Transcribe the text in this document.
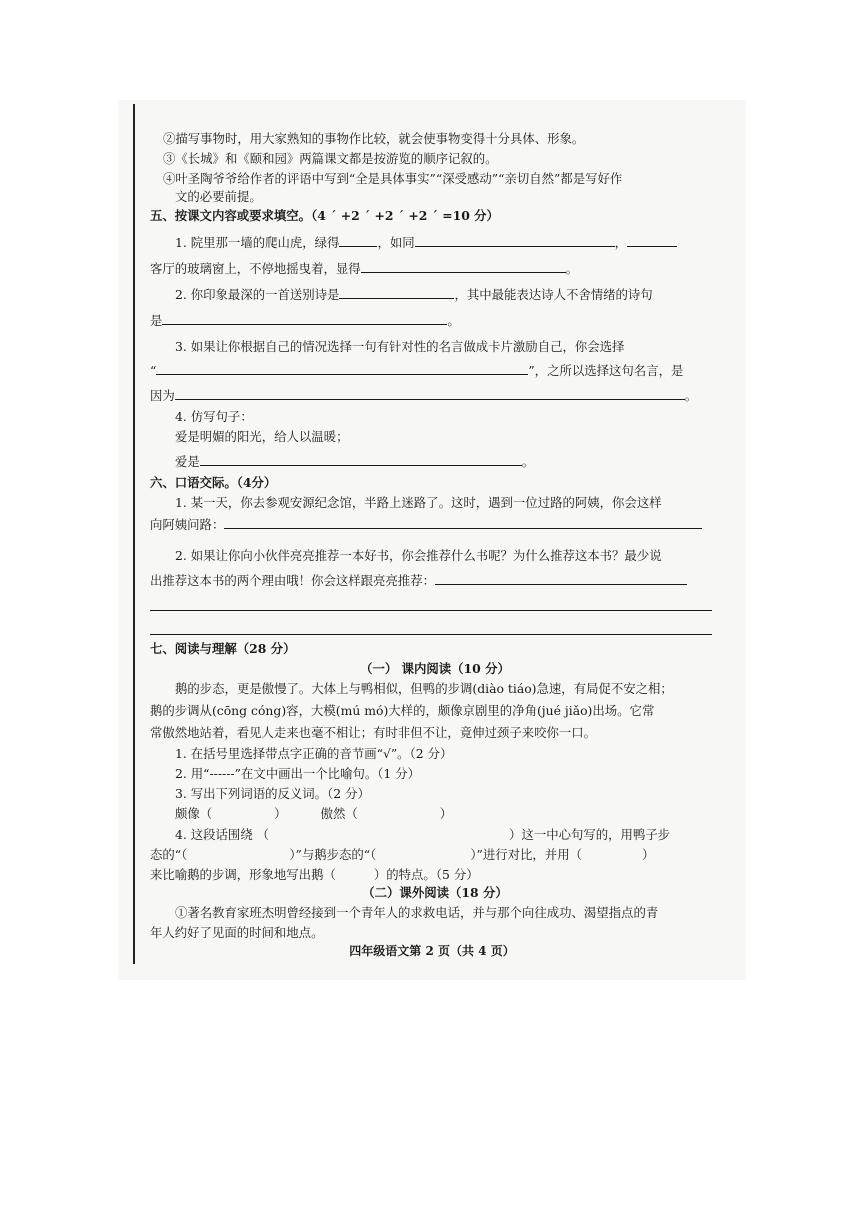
②描写事物时，用大家熟知的事物作比较，就会使事物变得十分具体、形象。
③《长城》和《颐和园》两篇课文都是按游览的顺序记叙的。
④叶圣陶爷爷给作者的评语中写到“全是具体事实”“深受感动”“亲切自然”都是写好作
文的必要前提。
五、按课文内容或要求填空。（4 ´ +2 ´ +2 ´ +2 ´ =10 分）
1. 院里那一墙的爬山虎，绿得	，如同	，
客厅的玻璃窗上，不停地摇曳着，显得	。
2. 你印象最深的一首送别诗是	，其中最能表达诗人不舍情绪的诗句
是	。
3. 如果让你根据自己的情况选择一句有针对性的名言做成卡片激励自己，你会选择
“	”，之所以选择这句名言，是
因为	。
4. 仿写句子：
爱是明媚的阳光，给人以温暖；
爱是	。
六、口语交际。（4分）
1. 某一天，你去参观安源纪念馆，半路上迷路了。这时，遇到一位过路的阿姨，你会这样
向阿姨问路：
2. 如果让你向小伙伴亮亮推荐一本好书，你会推荐什么书呢？为什么推荐这本书？最少说
出推荐这本书的两个理由哦！你会这样跟亮亮推荐：
七、阅读与理解（28 分）
（一） 课内阅读（10 分）
鹅的步态，更是傲慢了。大体上与鸭相似，但鸭的步调(diào tiáo)急速，有局促不安之相；
鹅的步调从(cōng cóng)容，大模(mú mó)大样的，颇像京剧里的净角(jué jiǎo)出场。它常
常傲然地站着，看见人走来也毫不相让；有时非但不让，竟伸过颈子来咬你一口。
1. 在括号里选择带点字正确的音节画“√”。（2 分）
2. 用“------”在文中画出一个比喻句。（1 分）
3. 写出下列词语的反义词。（2 分）
颇像（	）	傲然（	）
4. 这段话围绕 （	）这一中心句写的，用鸭子步
态的“（	）”与鹅步态的“（	）”进行对比，并用（	）
来比喻鹅的步调，形象地写出鹅（	）的特点。（5 分）
（二）课外阅读（18 分）
①著名教育家班杰明曾经接到一个青年人的求救电话，并与那个向往成功、渴望指点的青
年人约好了见面的时间和地点。
四年级语文第 2 页（共 4 页）
